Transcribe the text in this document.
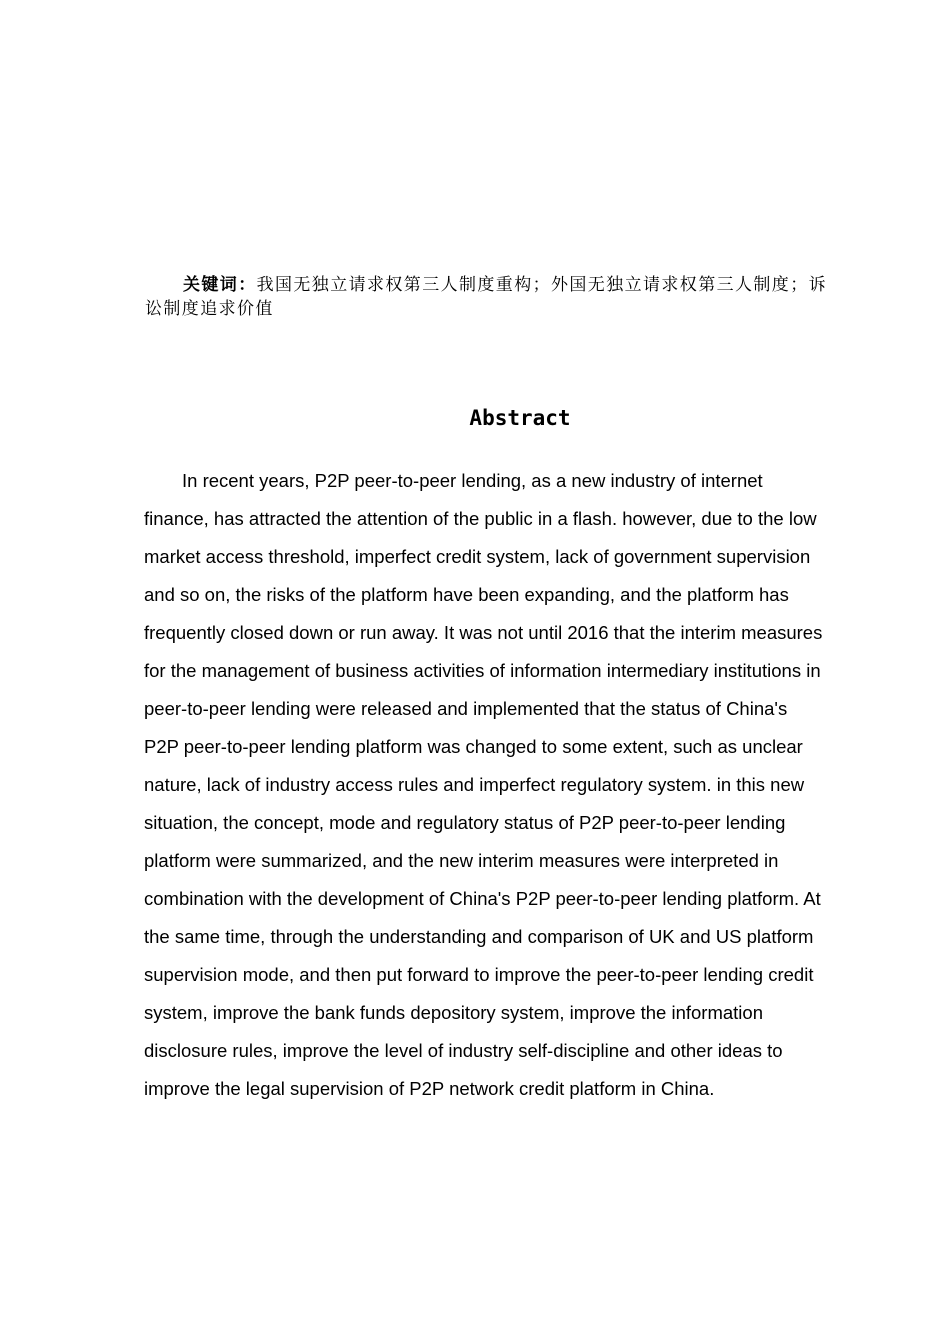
关键词：我国无独立请求权第三人制度重构；外国无独立请求权第三人制度；诉讼制度追求价值
Abstract

In recent years, P2P peer-to-peer lending, as a new industry of internet
finance, has attracted the attention of the public in a flash. however, due to the low
market access threshold, imperfect credit system, lack of government supervision
and so on, the risks of the platform have been expanding, and the platform has
frequently closed down or run away. It was not until 2016 that the interim measures
for the management of business activities of information intermediary institutions in
peer-to-peer lending were released and implemented that the status of China's
P2P peer-to-peer lending platform was changed to some extent, such as unclear
nature, lack of industry access rules and imperfect regulatory system. in this new
situation, the concept, mode and regulatory status of P2P peer-to-peer lending
platform were summarized, and the new interim measures were interpreted in
combination with the development of China's P2P peer-to-peer lending platform. At
the same time, through the understanding and comparison of UK and US platform
supervision mode, and then put forward to improve the peer-to-peer lending credit
system, improve the bank funds depository system, improve the information
disclosure rules, improve the level of industry self-discipline and other ideas to
improve the legal supervision of P2P network credit platform in China.
